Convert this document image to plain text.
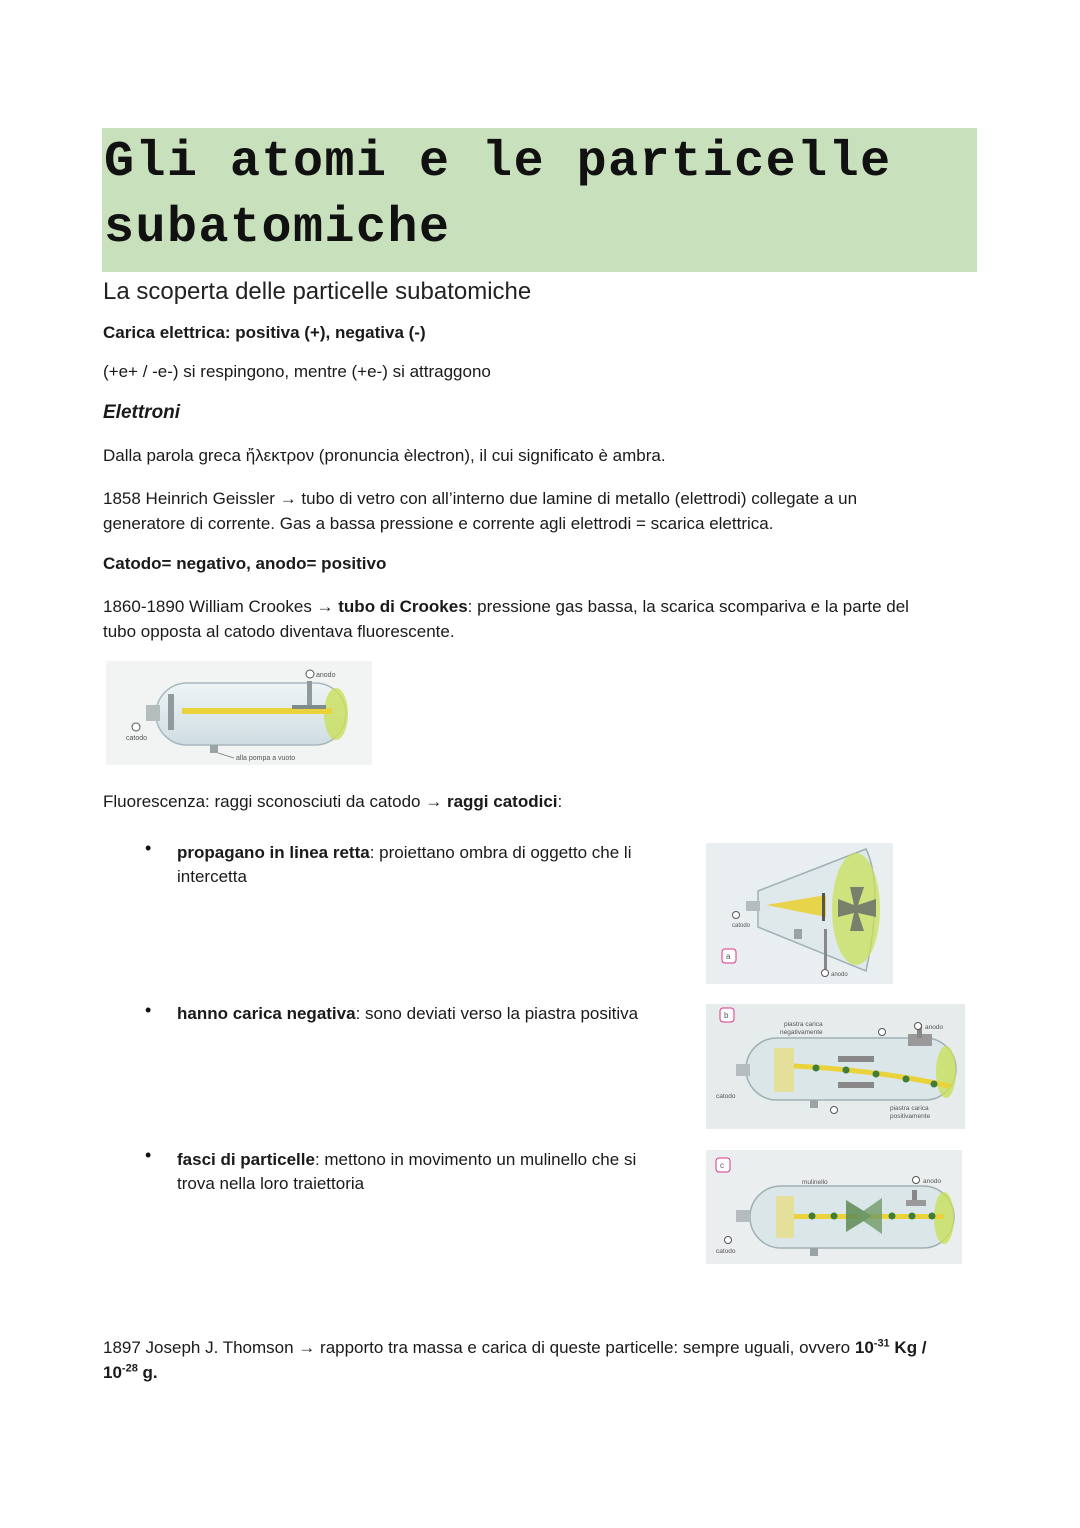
Gli atomi e le particelle
subatomiche
La scoperta delle particelle subatomiche
Carica elettrica: positiva (+), negativa (-)
(+e+ / -e-) si respingono, mentre (+e-) si attraggono
Elettroni
Dalla parola greca ἤλεκτρον (pronuncia èlectron), il cui significato è ambra.
1858 Heinrich Geissler → tubo di vetro con all’interno due lamine di metallo (elettrodi) collegate a un
generatore di corrente. Gas a bassa pressione e corrente agli elettrodi = scarica elettrica.
Catodo= negativo, anodo= positivo
1860-1890 William Crookes → tubo di Crookes: pressione gas bassa, la scarica scompariva e la parte del
tubo opposta al catodo diventava fluorescente.
anodo
catodo
alla pompa a vuoto
Fluorescenza: raggi sconosciuti da catodo → raggi catodici:
• propagano in linea retta: proiettano ombra di oggetto che li
intercetta
catodo
anodo
a
• hanno carica negativa: sono deviati verso la piastra positiva
piastra carica
negativamente
anodo
catodo
piastra carica
positivamente
b
• fasci di particelle: mettono in movimento un mulinello che si
trova nella loro traiettoria	mulinello	anodo
catodo
c
1897 Joseph J. Thomson → rapporto tra massa e carica di queste particelle: sempre uguali, ovvero $10^{-31}$ Kg /
$10^{-28}$ g.
